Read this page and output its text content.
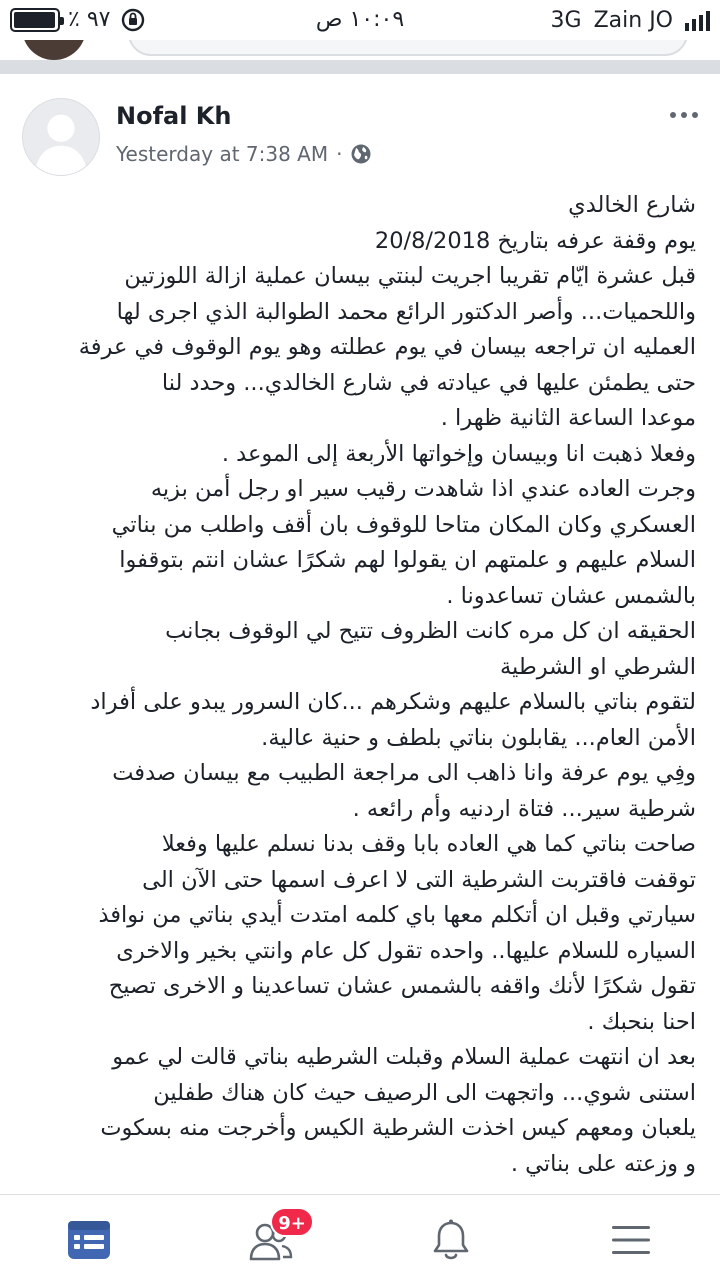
٪ ٩٧	١٠:٠٩ ص	3G Zain JO
Nofal Kh
Yesterday at 7:38 AM ·

شارع الخالدي

يوم وقفة عرفه بتاريخ 20/8/2018

قبل عشرة ايّام تقريبا اجريت لبنتي بيسان عملية ازالة اللوزتين

واللحميات... وأصر الدكتور الرائع محمد الطوالبة الذي اجرى لها

العمليه ان تراجعه بيسان في يوم عطلته وهو يوم الوقوف في عرفة

حتى يطمئن عليها في عيادته في شارع الخالدي... وحدد لنا

موعدا الساعة الثانية ظهرا .

وفعلا ذهبت انا وبيسان وإخواتها الأربعة إلى الموعد .

وجرت العاده عندي اذا شاهدت رقيب سير او رجل أمن بزيه

العسكري وكان المكان متاحا للوقوف بان أقف واطلب من بناتي

السلام عليهم و علمتهم ان يقولوا لهم شكرًا عشان انتم بتوقفوا

بالشمس عشان تساعدونا .

الحقيقه ان كل مره كانت الظروف تتيح لي الوقوف بجانب

الشرطي او الشرطية

لتقوم بناتي بالسلام عليهم وشكرهم ...كان السرور يبدو على أفراد

الأمن العام... يقابلون بناتي بلطف و حنية عالية.

وفِي يوم عرفة وانا ذاهب الى مراجعة الطبيب مع بيسان صدفت

شرطية سير... فتاة اردنيه وأم رائعه .

صاحت بناتي كما هي العاده بابا وقف بدنا نسلم عليها وفعلا

توقفت فاقتربت الشرطية التى لا اعرف اسمها حتى الآن الى

سيارتي وقبل ان أتكلم معها باي كلمه امتدت أيدي بناتي من نوافذ

السياره للسلام عليها.. واحده تقول كل عام وانتي بخير والاخرى

تقول شكرًا لأنك واقفه بالشمس عشان تساعدينا و الاخرى تصيح

احنا بنحبك .

بعد ان انتهت عملية السلام وقبلت الشرطيه بناتي قالت لي عمو

استنى شوي... واتجهت الى الرصيف حيث كان هناك طفلين

يلعبان ومعهم كيس اخذت الشرطية الكيس وأخرجت منه بسكوت

و وزعته على بناتي .

9+
